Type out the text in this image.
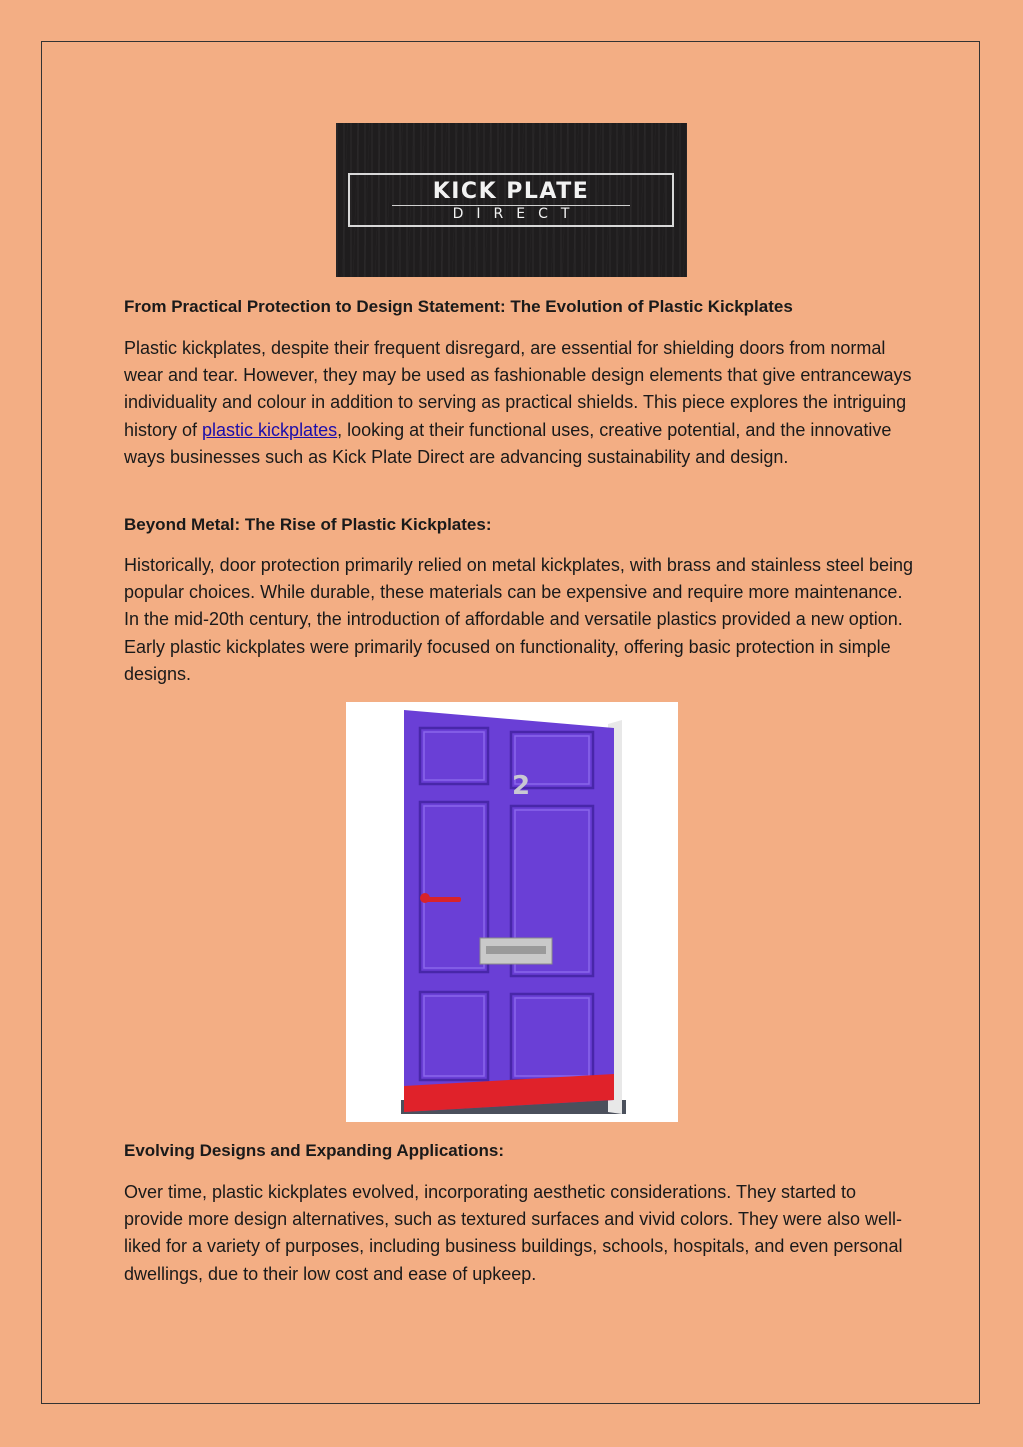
KICK PLATE
DIRECT
From Practical Protection to Design Statement: The Evolution of Plastic Kickplates

Plastic kickplates, despite their frequent disregard, are essential for shielding doors from normal wear and tear. However, they may be used as fashionable design elements that give entranceways individuality and colour in addition to serving as practical shields. This piece explores the intriguing history of plastic kickplates, looking at their functional uses, creative potential, and the innovative ways businesses such as Kick Plate Direct are advancing sustainability and design.

Beyond Metal: The Rise of Plastic Kickplates:

Historically, door protection primarily relied on metal kickplates, with brass and stainless steel being popular choices. While durable, these materials can be expensive and require more maintenance. In the mid-20th century, the introduction of affordable and versatile plastics provided a new option. Early plastic kickplates were primarily focused on functionality, offering basic protection in simple designs.

2
Evolving Designs and Expanding Applications:

Over time, plastic kickplates evolved, incorporating aesthetic considerations. They started to provide more design alternatives, such as textured surfaces and vivid colors. They were also well-liked for a variety of purposes, including business buildings, schools, hospitals, and even personal dwellings, due to their low cost and ease of upkeep.
